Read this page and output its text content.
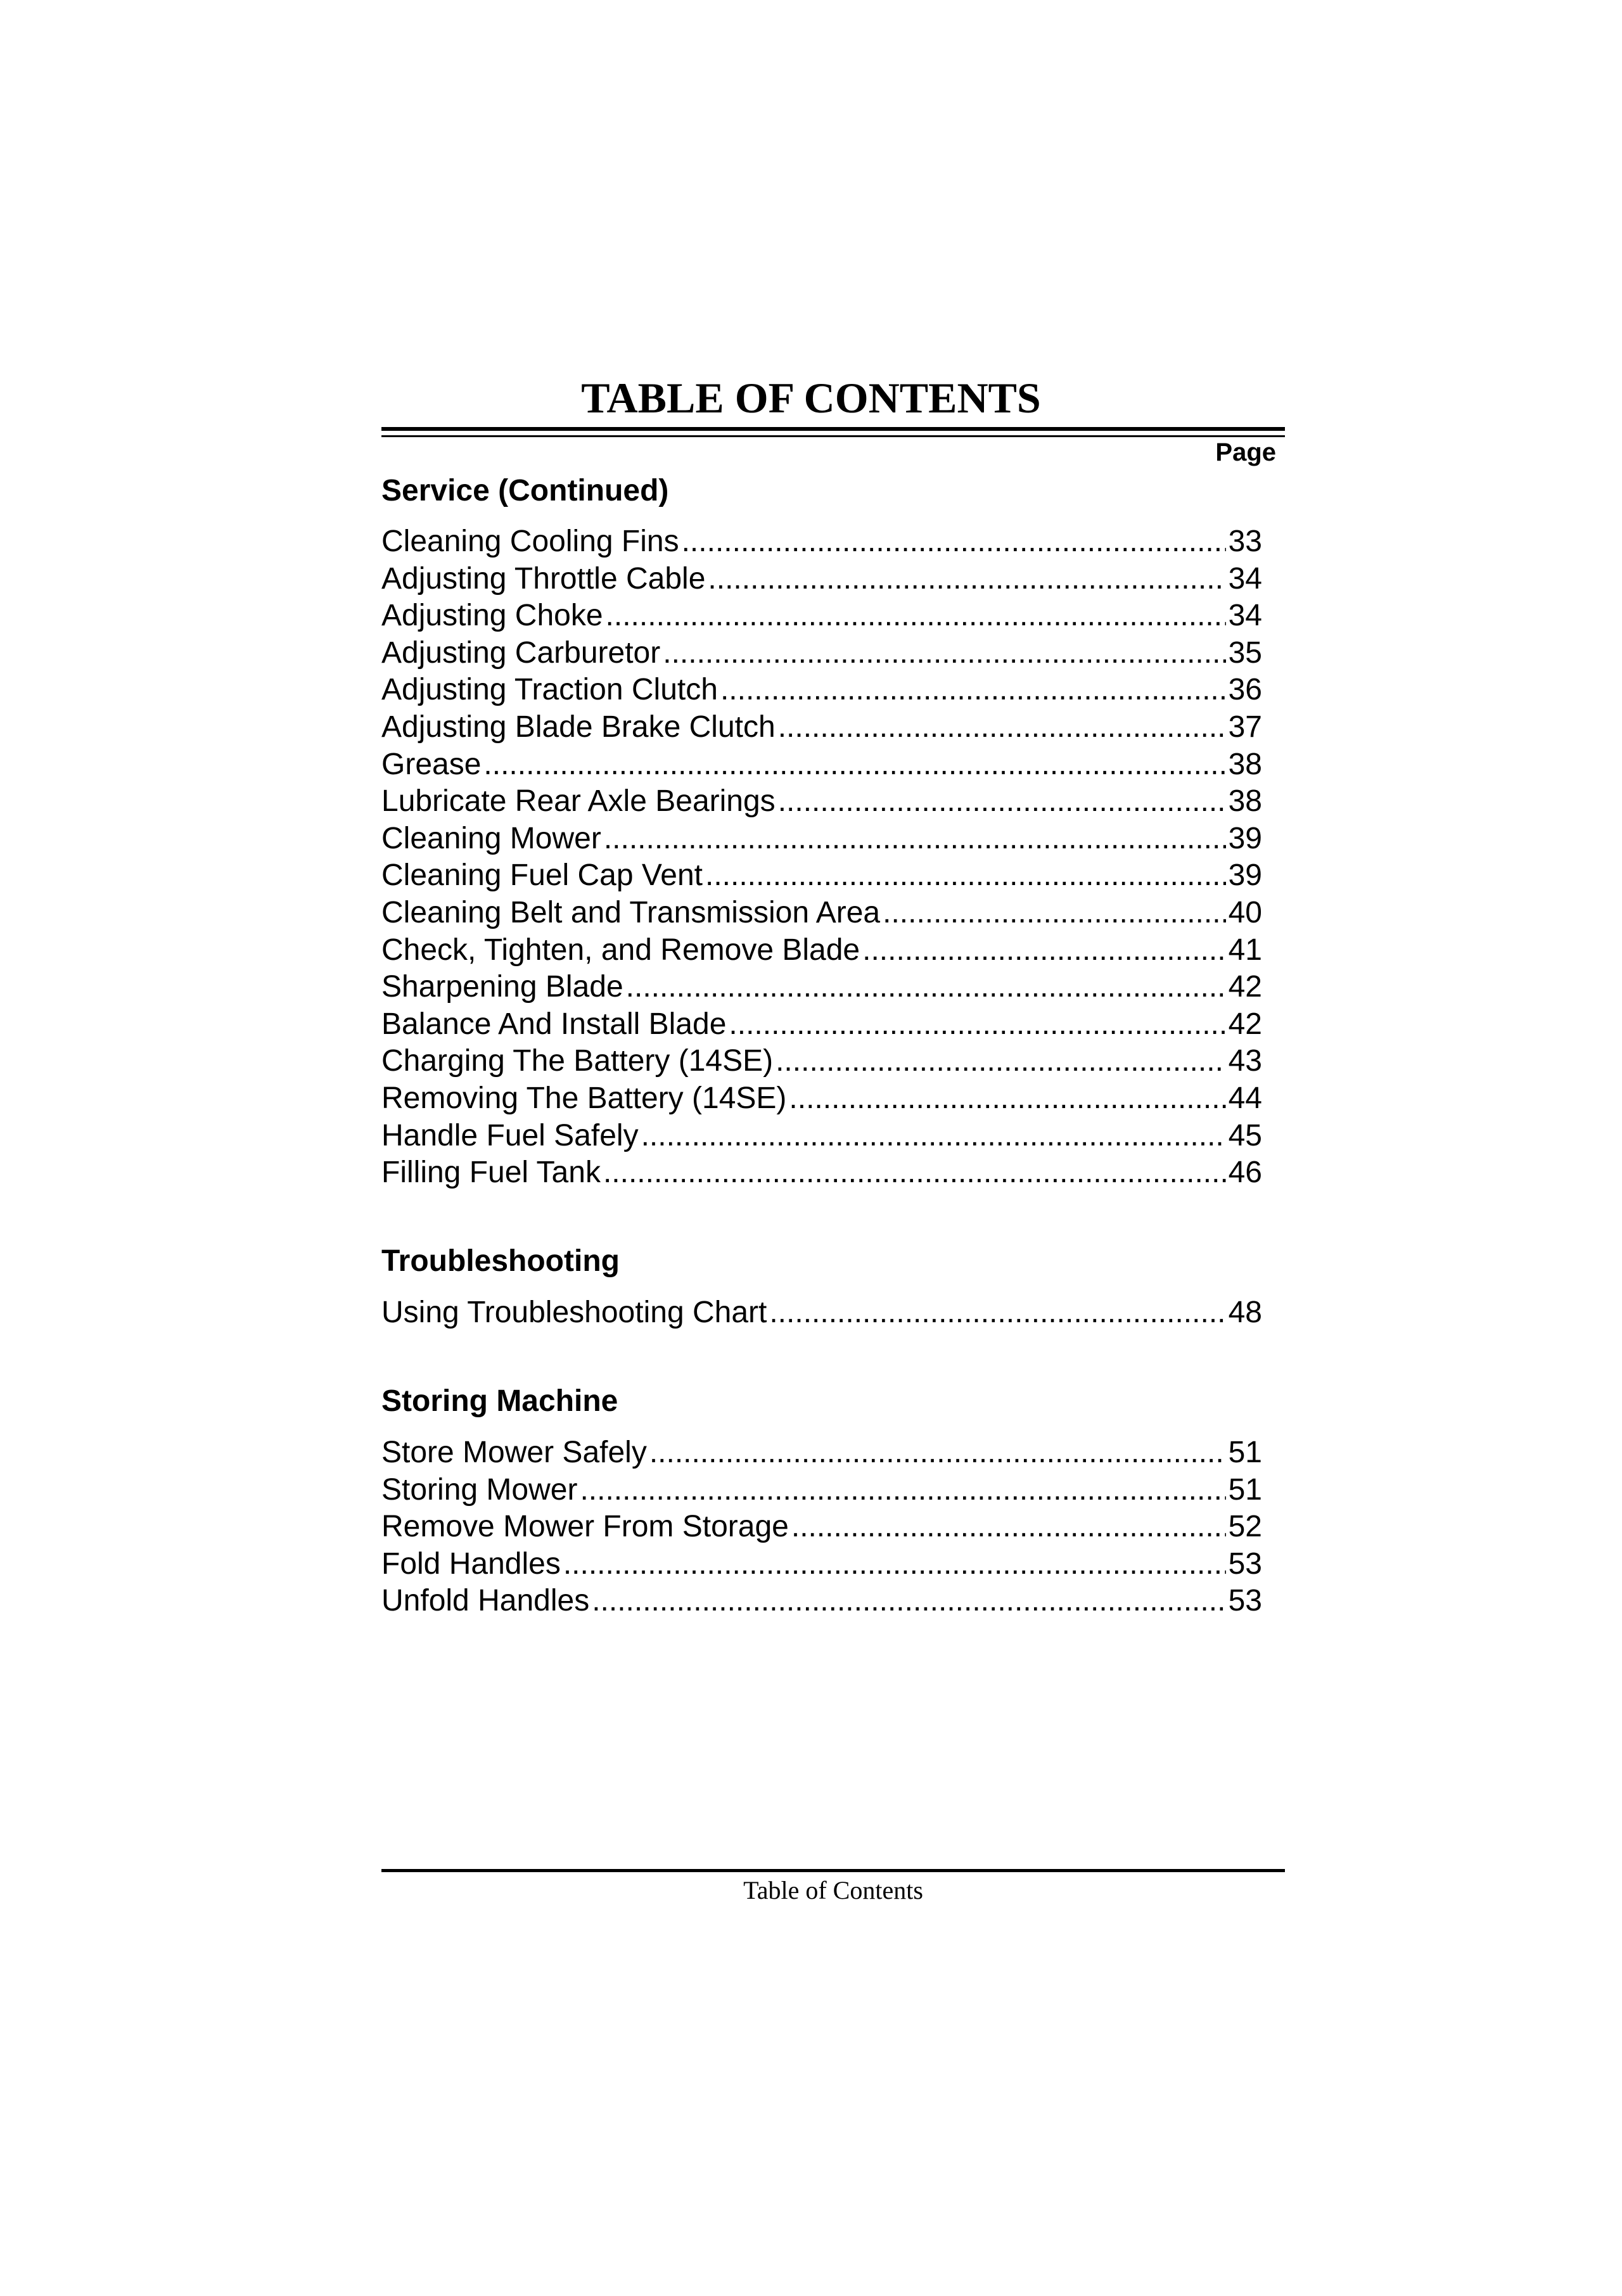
TABLE OF CONTENTS
Page
Service (Continued)
Cleaning Cooling Fins .....	33
Adjusting Throttle Cable .....	34
Adjusting Choke .....	34
Adjusting Carburetor .....	35
Adjusting Traction Clutch .....	36
Adjusting Blade Brake Clutch .....	37
Grease .....	38
Lubricate Rear Axle Bearings .....	38
Cleaning Mower .....	39
Cleaning Fuel Cap Vent .....	39
Cleaning Belt and Transmission Area .....	40
Check, Tighten, and Remove Blade .....	41
Sharpening Blade .....	42
Balance And Install Blade .....	42
Charging The Battery (14SE) .....	43
Removing The Battery (14SE) .....	44
Handle Fuel Safely .....	45
Filling Fuel Tank .....	46
Troubleshooting
Using Troubleshooting Chart .....	48
Storing Machine
Store Mower Safely .....	51
Storing Mower .....	51
Remove Mower From Storage .....	52
Fold Handles .....	53
Unfold Handles .....	53
Table of Contents
